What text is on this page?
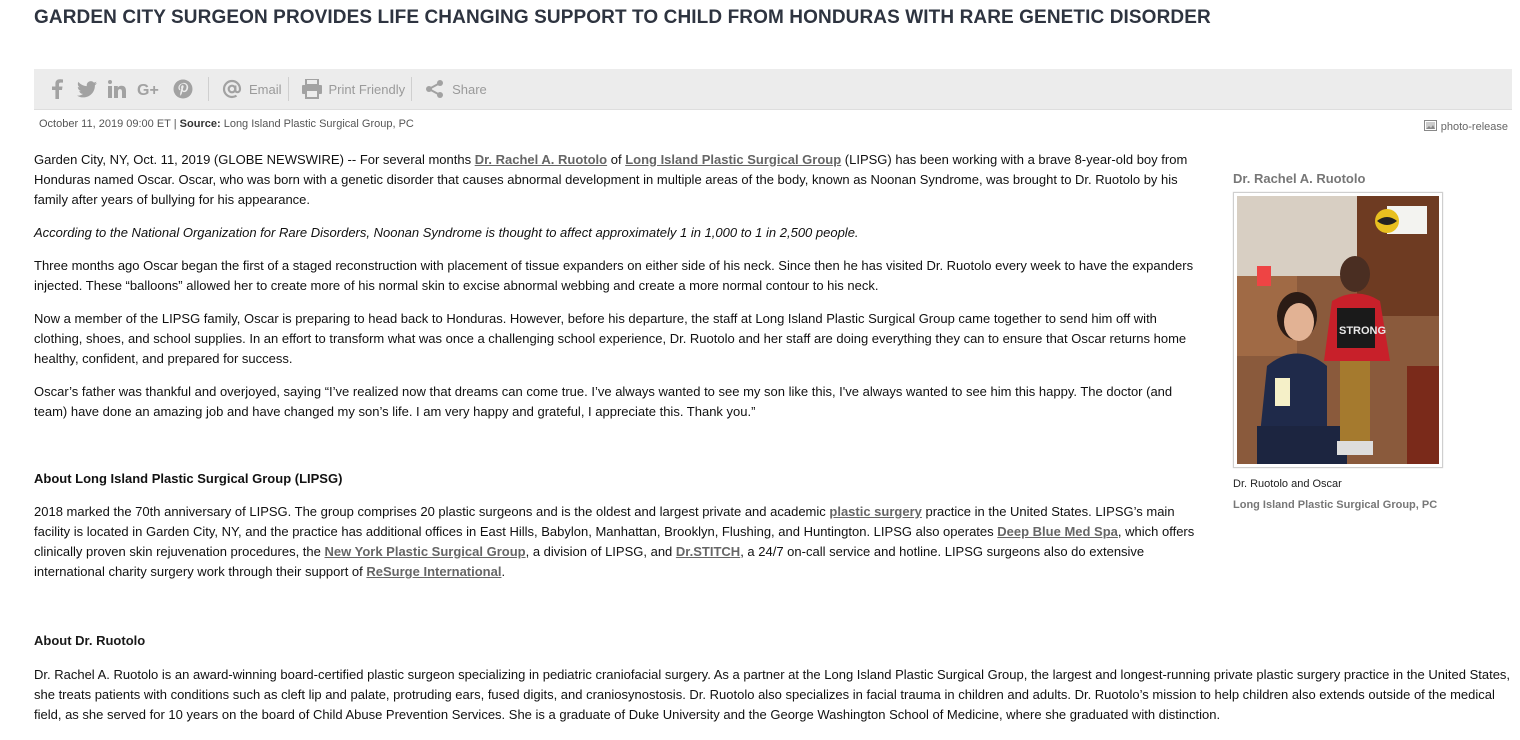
GARDEN CITY SURGEON PROVIDES LIFE CHANGING SUPPORT TO CHILD FROM HONDURAS WITH RARE GENETIC DISORDER
G+	Email	Print Friendly	Share
October 11, 2019 09:00 ET | Source: Long Island Plastic Surgical Group, PC	photo-release

Garden City, NY, Oct. 11, 2019 (GLOBE NEWSWIRE) -- For several months Dr. Rachel A. Ruotolo of Long Island Plastic Surgical Group (LIPSG) has been working with a brave 8-year-old boy from Honduras named Oscar. Oscar, who was born with a genetic disorder that causes abnormal development in multiple areas of the body, known as Noonan Syndrome, was brought to Dr. Ruotolo by his family after years of bullying for his appearance.

According to the National Organization for Rare Disorders, Noonan Syndrome is thought to affect approximately 1 in 1,000 to 1 in 2,500 people.

Three months ago Oscar began the first of a staged reconstruction with placement of tissue expanders on either side of his neck. Since then he has visited Dr. Ruotolo every week to have the expanders injected. These “balloons” allowed her to create more of his normal skin to excise abnormal webbing and create a more normal contour to his neck.

Now a member of the LIPSG family, Oscar is preparing to head back to Honduras. However, before his departure, the staff at Long Island Plastic Surgical Group came together to send him off with clothing, shoes, and school supplies. In an effort to transform what was once a challenging school experience, Dr. Ruotolo and her staff are doing everything they can to ensure that Oscar returns home healthy, confident, and prepared for success.

Oscar’s father was thankful and overjoyed, saying “I’ve realized now that dreams can come true. I’ve always wanted to see my son like this, I've always wanted to see him this happy. The doctor (and team) have done an amazing job and have changed my son’s life. I am very happy and grateful, I appreciate this. Thank you.”

About Long Island Plastic Surgical Group (LIPSG)

2018 marked the 70th anniversary of LIPSG. The group comprises 20 plastic surgeons and is the oldest and largest private and academic plastic surgery practice in the United States. LIPSG’s main facility is located in Garden City, NY, and the practice has additional offices in East Hills, Babylon, Manhattan, Brooklyn, Flushing, and Huntington. LIPSG also operates Deep Blue Med Spa, which offers clinically proven skin rejuvenation procedures, the New York Plastic Surgical Group, a division of LIPSG, and Dr.STITCH, a 24/7 on-call service and hotline. LIPSG surgeons also do extensive international charity surgery work through their support of ReSurge International.

About Dr. Ruotolo

Dr. Rachel A. Ruotolo is an award-winning board-certified plastic surgeon specializing in pediatric craniofacial surgery. As a partner at the Long Island Plastic Surgical Group, the largest and longest-running private plastic surgery practice in the United States, she treats patients with conditions such as cleft lip and palate, protruding ears, fused digits, and craniosynostosis. Dr. Ruotolo also specializes in facial trauma in children and adults. Dr. Ruotolo’s mission to help children also extends outside of the medical field, as she served for 10 years on the board of Child Abuse Prevention Services. She is a graduate of Duke University and the George Washington School of Medicine, where she graduated with distinction.
Dr. Rachel A. Ruotolo
STRONG
Dr. Ruotolo and Oscar
Long Island Plastic Surgical Group, PC
